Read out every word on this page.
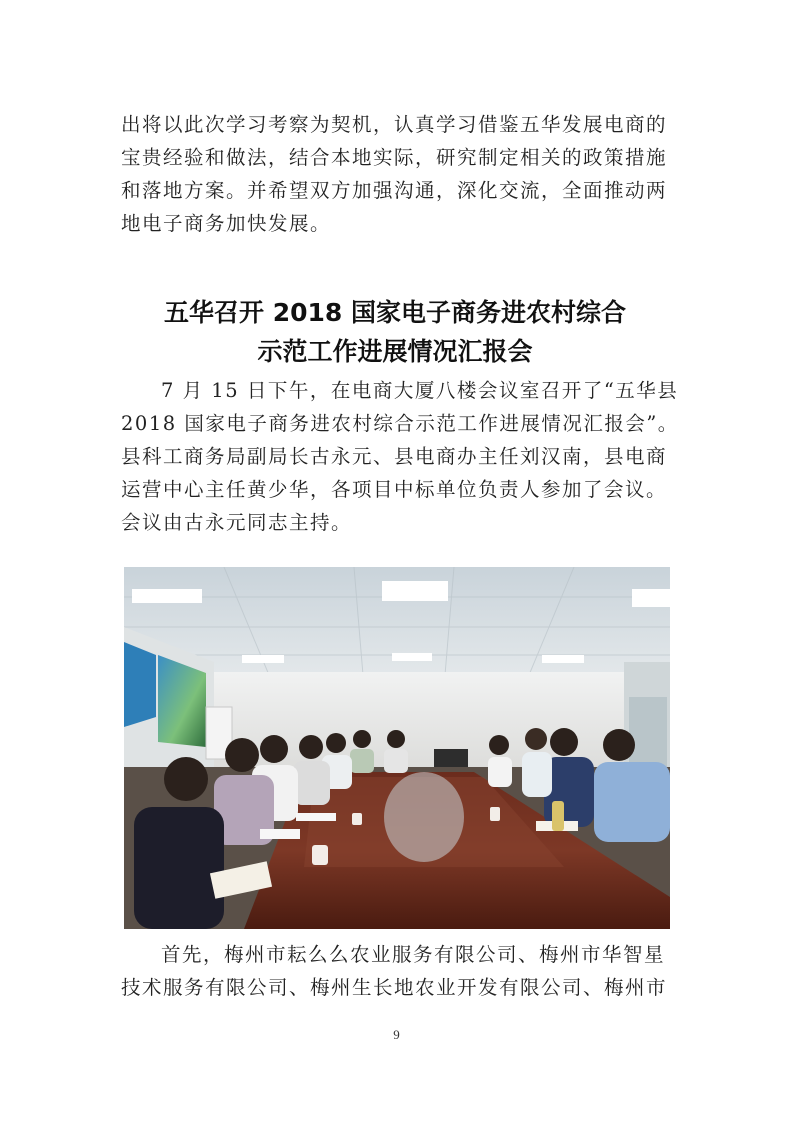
出将以此次学习考察为契机，认真学习借鉴五华发展电商的
宝贵经验和做法，结合本地实际，研究制定相关的政策措施
和落地方案。并希望双方加强沟通，深化交流，全面推动两
地电子商务加快发展。
五华召开 2018 国家电子商务进农村综合
示范工作进展情况汇报会
7 月 15 日下午，在电商大厦八楼会议室召开了“五华县
2018 国家电子商务进农村综合示范工作进展情况汇报会”。
县科工商务局副局长古永元、县电商办主任刘汉南，县电商
运营中心主任黄少华，各项目中标单位负责人参加了会议。
会议由古永元同志主持。
首先，梅州市耘么么农业服务有限公司、梅州市华智星
技术服务有限公司、梅州生长地农业开发有限公司、梅州市
9
